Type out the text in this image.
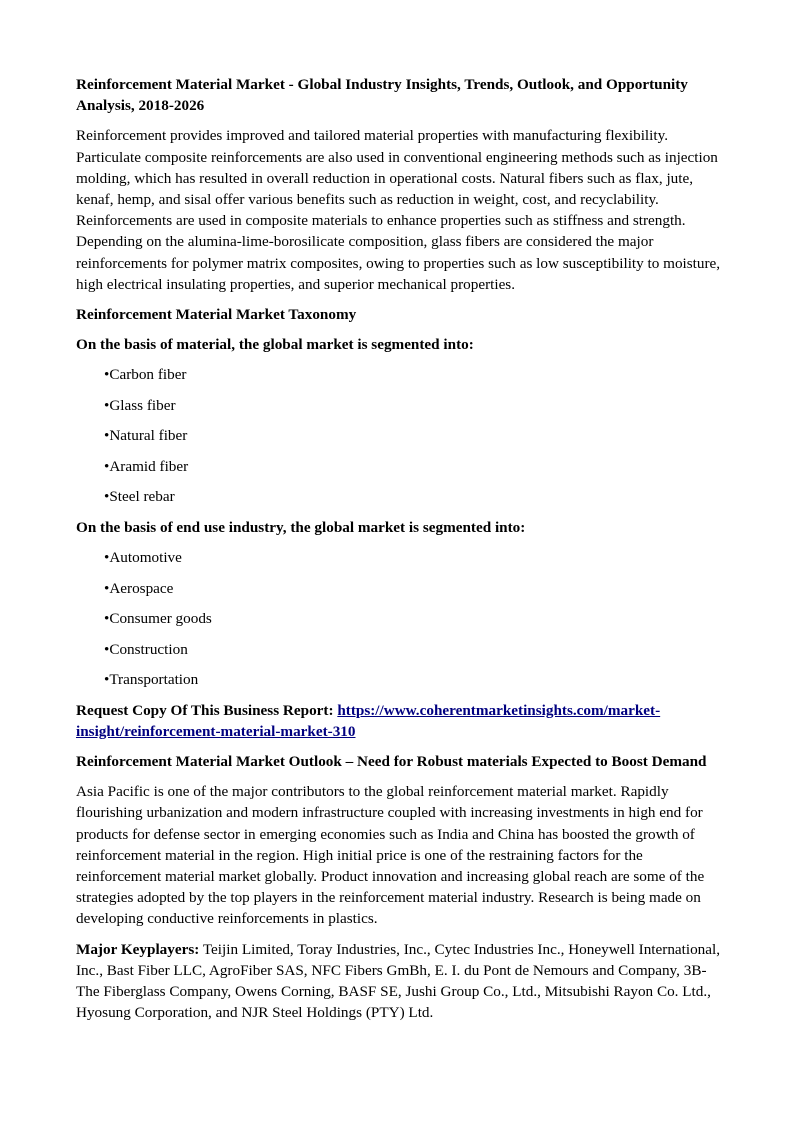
Reinforcement Material Market - Global Industry Insights, Trends, Outlook, and Opportunity Analysis, 2018-2026

Reinforcement provides improved and tailored material properties with manufacturing flexibility. Particulate composite reinforcements are also used in conventional engineering methods such as injection molding, which has resulted in overall reduction in operational costs. Natural fibers such as flax, jute, kenaf, hemp, and sisal offer various benefits such as reduction in weight, cost, and recyclability. Reinforcements are used in composite materials to enhance properties such as stiffness and strength. Depending on the alumina-lime-borosilicate composition, glass fibers are considered the major reinforcements for polymer matrix composites, owing to properties such as low susceptibility to moisture, high electrical insulating properties, and superior mechanical properties.

Reinforcement Material Market Taxonomy

On the basis of material, the global market is segmented into:

•Carbon fiber
•Glass fiber
•Natural fiber
•Aramid fiber
•Steel rebar

On the basis of end use industry, the global market is segmented into:

•Automotive
•Aerospace
•Consumer goods
•Construction
•Transportation

Request Copy Of This Business Report: https://www.coherentmarketinsights.com/market-insight/reinforcement-material-market-310

Reinforcement Material Market Outlook – Need for Robust materials Expected to Boost Demand

Asia Pacific is one of the major contributors to the global reinforcement material market. Rapidly flourishing urbanization and modern infrastructure coupled with increasing investments in high end for products for defense sector in emerging economies such as India and China has boosted the growth of reinforcement material in the region. High initial price is one of the restraining factors for the reinforcement material market globally. Product innovation and increasing global reach are some of the strategies adopted by the top players in the reinforcement material industry. Research is being made on developing conductive reinforcements in plastics.

Major Keyplayers: Teijin Limited, Toray Industries, Inc., Cytec Industries Inc., Honeywell International, Inc., Bast Fiber LLC, AgroFiber SAS, NFC Fibers GmBh, E. I. du Pont de Nemours and Company, 3B-The Fiberglass Company, Owens Corning, BASF SE, Jushi Group Co., Ltd., Mitsubishi Rayon Co. Ltd., Hyosung Corporation, and NJR Steel Holdings (PTY) Ltd.
